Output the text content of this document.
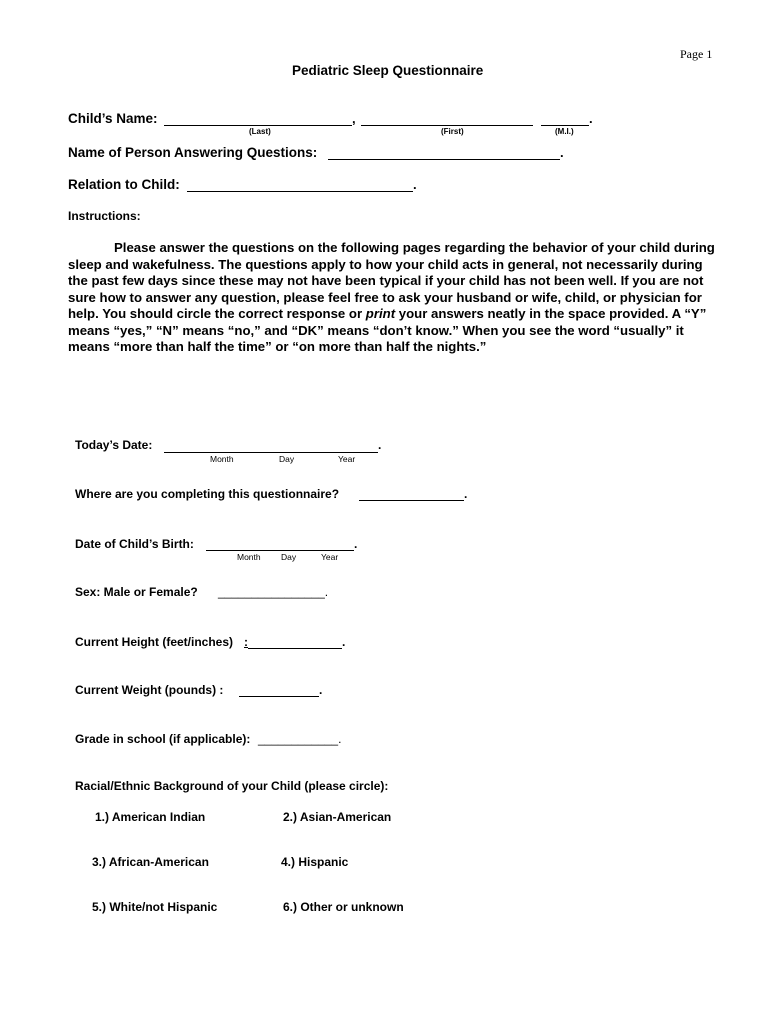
Page 1
Pediatric Sleep Questionnaire
Child’s Name:	,	.
(Last)	(First)	(M.I.)
Name of Person Answering Questions:	.
Relation to Child:	.
Instructions:

Please answer the questions on the following pages regarding the behavior of your child during sleep and wakefulness. The questions apply to how your child acts in general, not necessarily during the past few days since these may not have been typical if your child has not been well. If you are not sure how to answer any question, please feel free to ask your husband or wife, child, or physician for help. You should circle the correct response or print your answers neatly in the space provided. A “Y” means “yes,” “N” means “no,” and “DK” means “don’t know.” When you see the word “usually” it means “more than half the time” or “on more than half the nights.”

Today’s Date:	.
Month	Day	Year
Where are you completing this questionnaire?	.
Date of Child’s Birth:	.
Month Day	Year
Sex: Male or Female? ________________.
Current Height (feet/inches) :	.
Current Weight (pounds) :	.
Grade in school (if applicable): ____________.
Racial/Ethnic Background of your Child (please circle):
1.) American Indian	2.) Asian-American
3.) African-American	4.) Hispanic
5.) White/not Hispanic	6.) Other or unknown
